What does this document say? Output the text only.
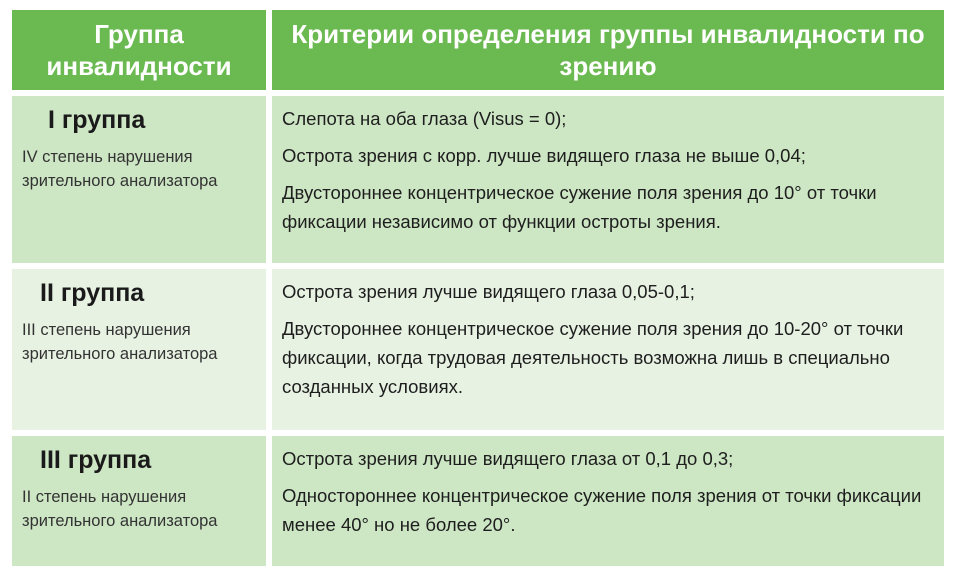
Группа инвалидности
Критерии определения группы инвалидности по зрению
I группа
IV степень нарушения зрительного анализатора

Слепота на оба глаза (Visus = 0);

Острота зрения с корр. лучше видящего глаза не выше 0,04;

Двустороннее концентрическое сужение поля зрения до 10° от точки фиксации независимо от функции остроты зрения.

II группа
III степень нарушения зрительного анализатора

Острота зрения лучше видящего глаза 0,05-0,1;

Двустороннее концентрическое сужение поля зрения до 10-20° от точки фиксации, когда трудовая деятельность возможна лишь в специально созданных условиях.

III группа
II степень нарушения зрительного анализатора

Острота зрения лучше видящего глаза от 0,1 до 0,3;

Одностороннее концентрическое сужение поля зрения от точки фиксации менее 40° но не более 20°.
